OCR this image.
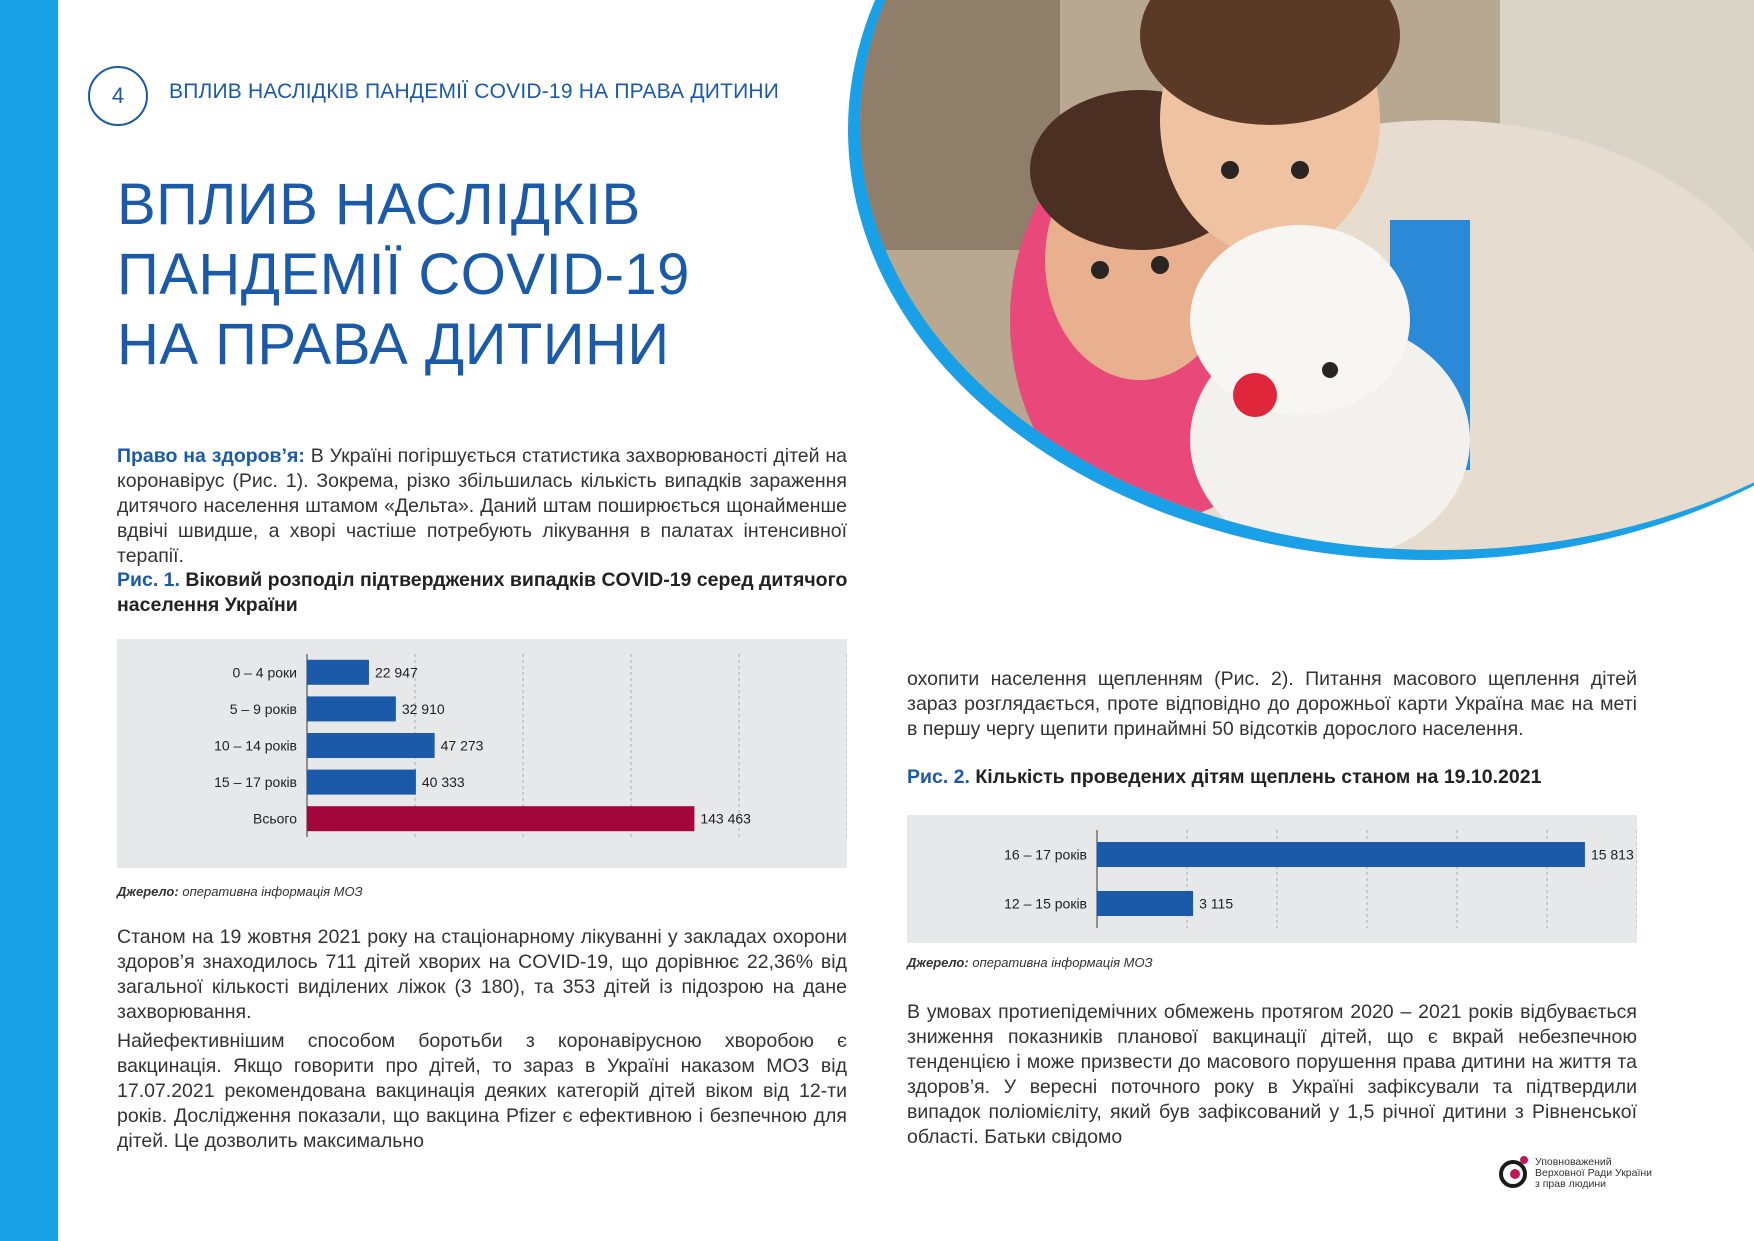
4 ВПЛИВ НАСЛІДКІВ ПАНДЕМІЇ COVID-19 НА ПРАВА ДИТИНИ
ВПЛИВ НАСЛІДКІВ
ПАНДЕМІЇ COVID-19
НА ПРАВА ДИТИНИ

Право на здоров’я: В Україні погіршується статистика захворюваності дітей на коронавірус (Рис. 1). Зокрема, різко збільшилась кількість випадків зараження дитячого населення штамом «Дельта». Даний штам поширюється щонайменше вдвічі швидше, а хворі частіше потребують лікування в палатах інтенсивної терапії.

Рис. 1. Віковий розподіл підтверджених випадків COVID-19 серед дитячого населення України
0 – 4 роки	22 947
5 – 9 років	32 910
10 – 14 років	47 273
15 – 17 років	40 333
Всього	143 463
Джерело: оперативна інформація МОЗ

Станом на 19 жовтня 2021 року на стаціонарному лікуванні у закладах охорони здоров’я знаходилось 711 дітей хворих на COVID-19, що дорівнює 22,36% від загальної кількості виділених ліжок (3 180), та 353 дітей із підозрою на дане захворювання.

Найефективнішим способом боротьби з коронавірусною хворобою є вакцинація. Якщо говорити про дітей, то зараз в Україні наказом МОЗ від 17.07.2021 рекомендована вакцинація деяких категорій дітей віком від 12-ти років. Дослідження показали, що вакцина Pfizer є ефективною і безпечною для дітей. Це дозволить максимально

охопити населення щепленням (Рис. 2). Питання масового щеплення дітей зараз розглядається, проте відповідно до дорожньої карти Україна має на меті в першу чергу щепити принаймні 50 відсотків дорослого населення.

Рис. 2. Кількість проведених дітям щеплень станом на 19.10.2021
16 – 17 років	15 813
12 – 15 років	3 115
Джерело: оперативна інформація МОЗ

В умовах протиепідемічних обмежень протягом 2020 – 2021 років відбувається зниження показників планової вакцинації дітей, що є вкрай небезпечною тенденцією і може призвести до масового порушення права дитини на життя та здоров’я. У вересні поточного року в Україні зафіксували та підтвердили випадок поліомієліту, який був зафіксований у 1,5 річної дитини з Рівненської області. Батьки свідомо

Уповноважений
Верховної Ради України
з прав людини
